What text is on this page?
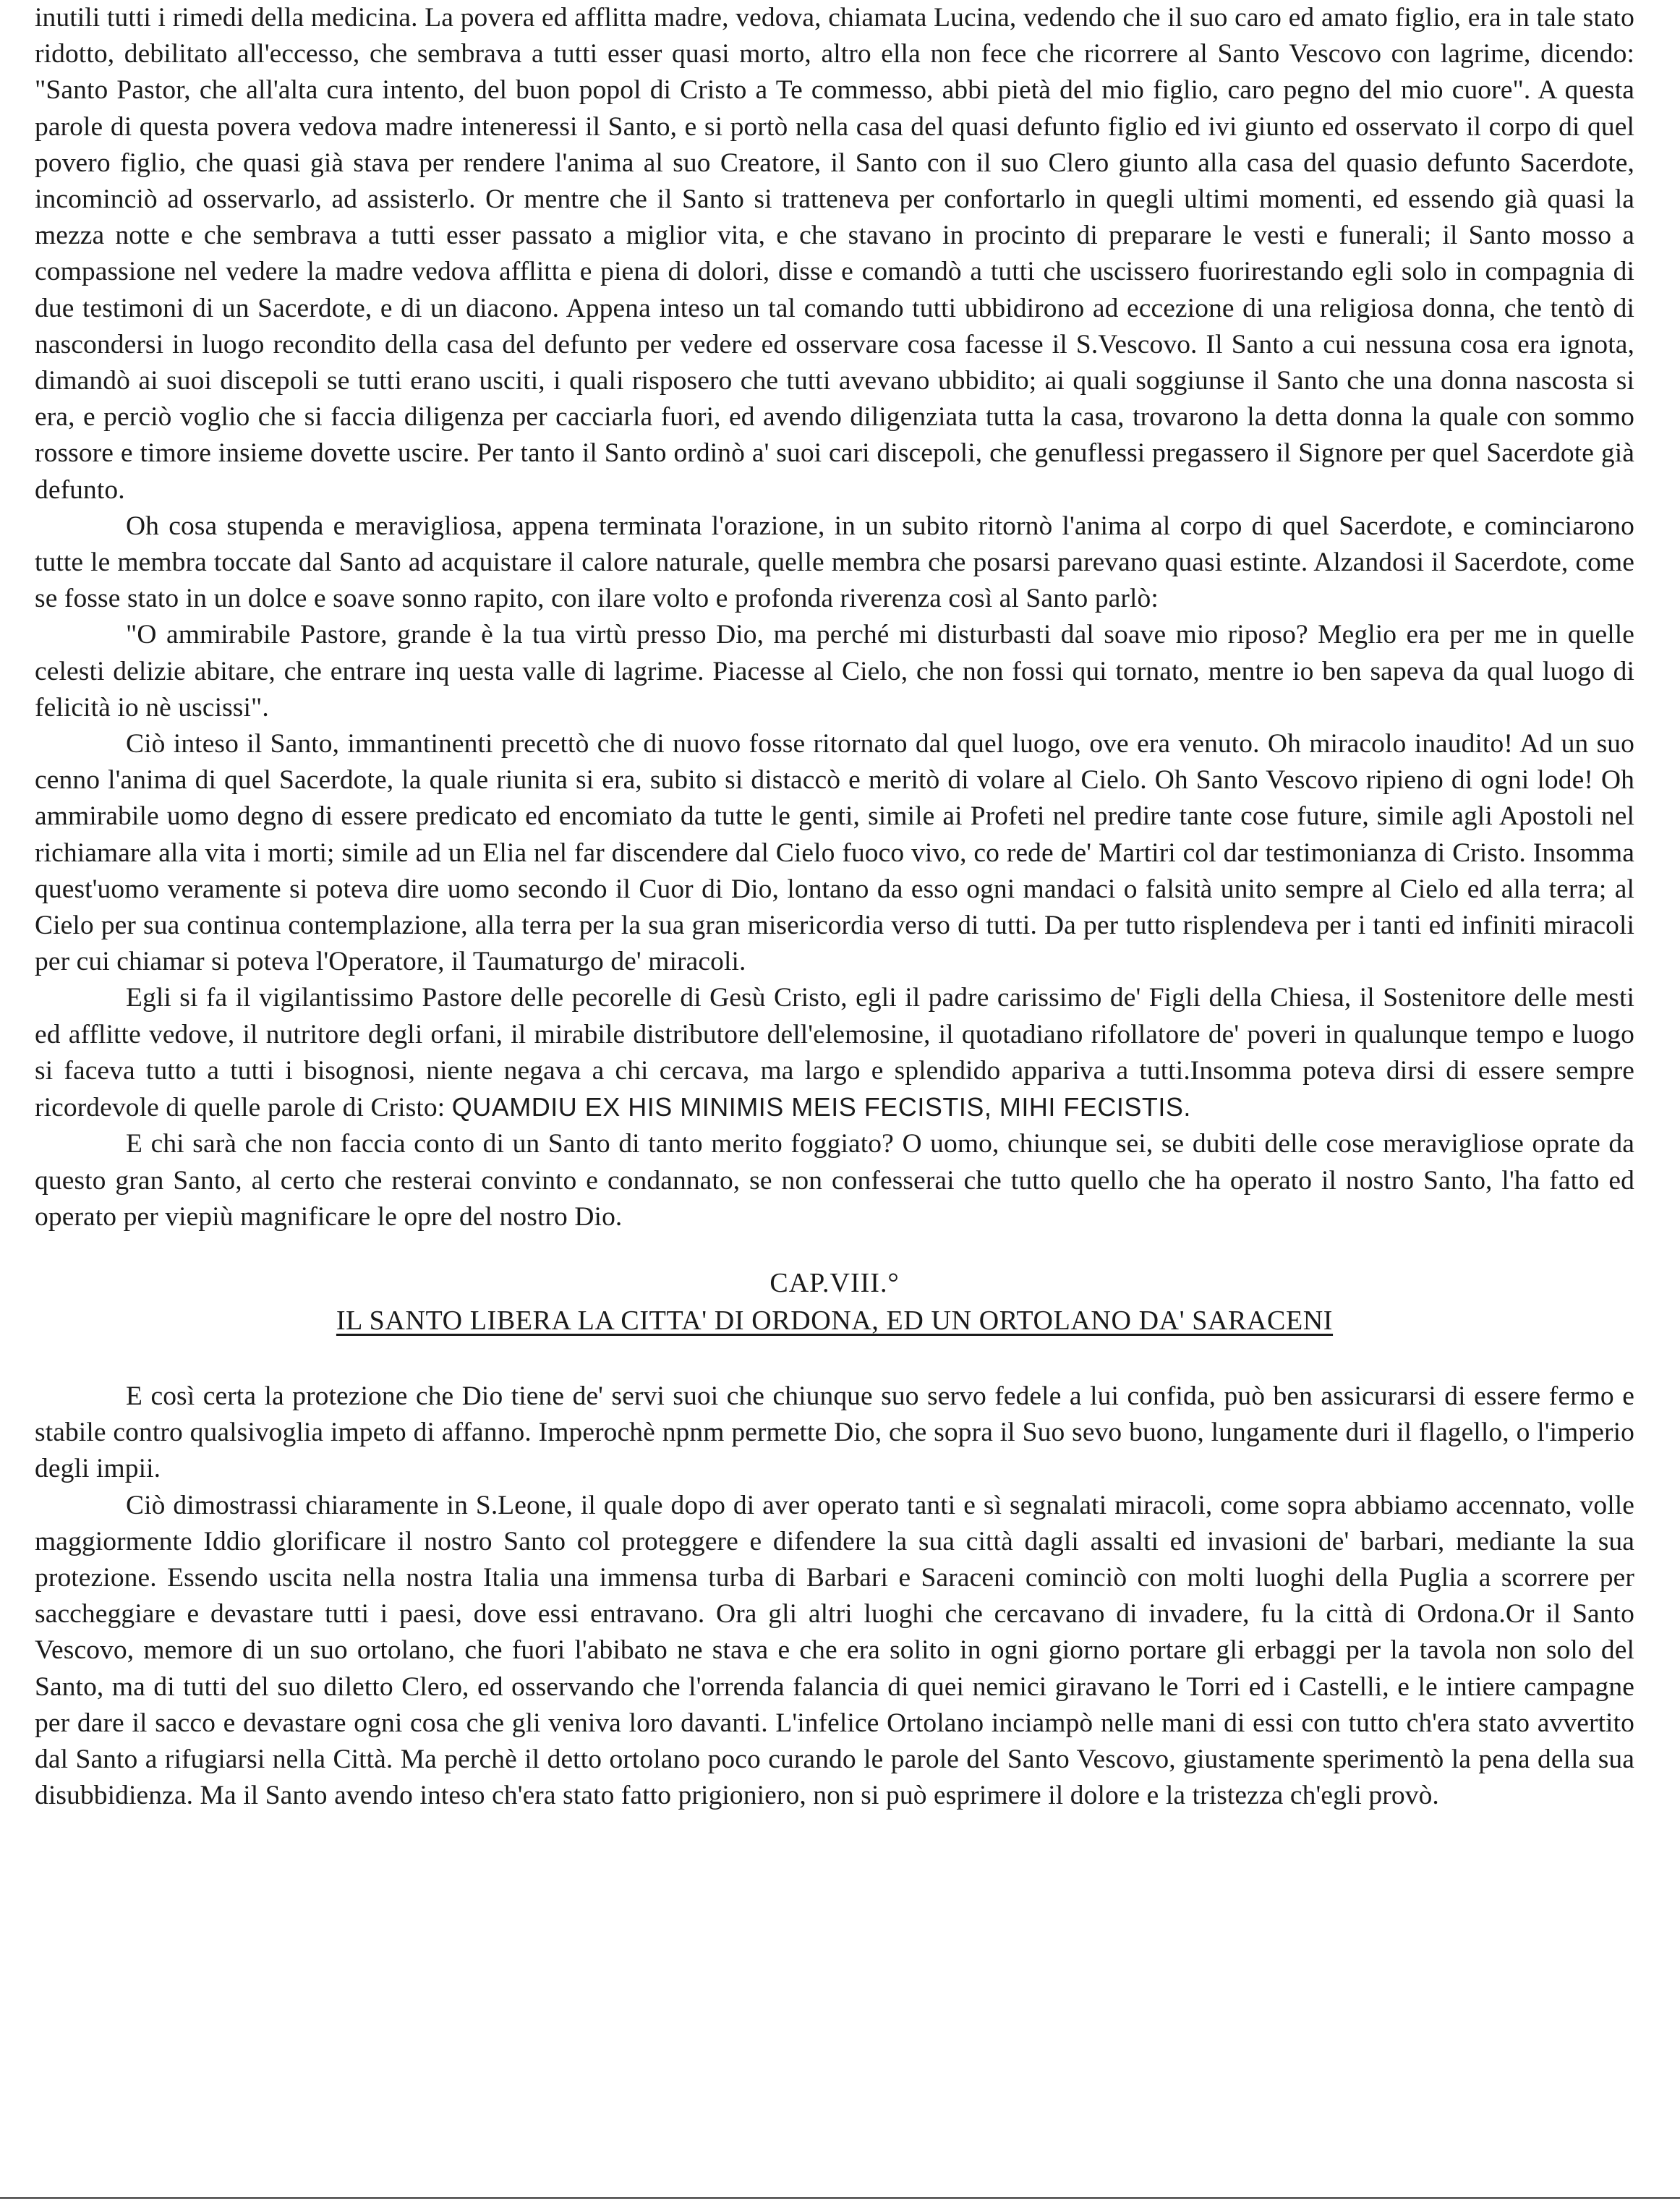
inutili tutti i rimedi della medicina. La povera ed afflitta madre, vedova, chiamata Lucina, vedendo che il suo caro ed amato figlio, era in tale stato ridotto, debilitato all'eccesso, che sembrava a tutti esser quasi morto, altro ella non fece che ricorrere al Santo Vescovo con lagrime, dicendo: "Santo Pastor, che all'alta cura intento, del buon popol di Cristo a Te commesso, abbi pietà del mio figlio, caro pegno del mio cuore". A questa parole di questa povera vedova madre inteneressi il Santo, e si portò nella casa del quasi defunto figlio ed ivi giunto ed osservato il corpo di quel povero figlio, che quasi già stava per rendere l'anima al suo Creatore, il Santo con il suo Clero giunto alla casa del quasio defunto Sacerdote, incominciò ad osservarlo, ad assisterlo. Or mentre che il Santo si tratteneva per confortarlo in quegli ultimi momenti, ed essendo già quasi la mezza notte e che sembrava a tutti esser passato a miglior vita, e che stavano in procinto di preparare le vesti e funerali; il Santo mosso a compassione nel vedere la madre vedova afflitta e piena di dolori, disse e comandò a tutti che uscissero fuorirestando egli solo in compagnia di due testimoni di un Sacerdote, e di un diacono. Appena inteso un tal comando tutti ubbidirono ad eccezione di una religiosa donna, che tentò di nascondersi in luogo recondito della casa del defunto per vedere ed osservare cosa facesse il S.Vescovo. Il Santo a cui nessuna cosa era ignota, dimandò ai suoi discepoli se tutti erano usciti, i quali risposero che tutti avevano ubbidito; ai quali soggiunse il Santo che una donna nascosta si era, e perciò voglio che si faccia diligenza per cacciarla fuori, ed avendo diligenziata tutta la casa, trovarono la detta donna la quale con sommo rossore e timore insieme dovette uscire. Per tanto il Santo ordinò a' suoi cari discepoli, che genuflessi pregassero il Signore per quel Sacerdote già defunto.

Oh cosa stupenda e meravigliosa, appena terminata l'orazione, in un subito ritornò l'anima al corpo di quel Sacerdote, e cominciarono tutte le membra toccate dal Santo ad acquistare il calore naturale, quelle membra che posarsi parevano quasi estinte. Alzandosi il Sacerdote, come se fosse stato in un dolce e soave sonno rapito, con ilare volto e profonda riverenza così al Santo parlò:

"O ammirabile Pastore, grande è la tua virtù presso Dio, ma perché mi disturbasti dal soave mio riposo? Meglio era per me in quelle celesti delizie abitare, che entrare inq uesta valle di lagrime. Piacesse al Cielo, che non fossi qui tornato, mentre io ben sapeva da qual luogo di felicità io nè uscissi".

Ciò inteso il Santo, immantinenti precettò che di nuovo fosse ritornato dal quel luogo, ove era venuto. Oh miracolo inaudito! Ad un suo cenno l'anima di quel Sacerdote, la quale riunita si era, subito si distaccò e meritò di volare al Cielo. Oh Santo Vescovo ripieno di ogni lode! Oh ammirabile uomo degno di essere predicato ed encomiato da tutte le genti, simile ai Profeti nel predire tante cose future, simile agli Apostoli nel richiamare alla vita i morti; simile ad un Elia nel far discendere dal Cielo fuoco vivo, co rede de' Martiri col dar testimonianza di Cristo. Insomma quest'uomo veramente si poteva dire uomo secondo il Cuor di Dio, lontano da esso ogni mandaci o falsità unito sempre al Cielo ed alla terra; al Cielo per sua continua contemplazione, alla terra per la sua gran misericordia verso di tutti. Da per tutto risplendeva per i tanti ed infiniti miracoli per cui chiamar si poteva l'Operatore, il Taumaturgo de' miracoli.

Egli si fa il vigilantissimo Pastore delle pecorelle di Gesù Cristo, egli il padre carissimo de' Figli della Chiesa, il Sostenitore delle mesti ed afflitte vedove, il nutritore degli orfani, il mirabile distributore dell'elemosine, il quotadiano rifollatore de' poveri in qualunque tempo e luogo si faceva tutto a tutti i bisognosi, niente negava a chi cercava, ma largo e splendido appariva a tutti.Insomma poteva dirsi di essere sempre ricordevole di quelle parole di Cristo: QUAMDIU EX HIS MINIMIS MEIS FECISTIS, MIHI FECISTIS.

E chi sarà che non faccia conto di un Santo di tanto merito foggiato? O uomo, chiunque sei, se dubiti delle cose meravigliose oprate da questo gran Santo, al certo che resterai convinto e condannato, se non confesserai che tutto quello che ha operato il nostro Santo, l'ha fatto ed operato per viepiù magnificare le opre del nostro Dio.

CAP.VIII.°

IL SANTO LIBERA LA CITTA' DI ORDONA, ED UN ORTOLANO DA' SARACENI

E così certa la protezione che Dio tiene de' servi suoi che chiunque suo servo fedele a lui confida, può ben assicurarsi di essere fermo e stabile contro qualsivoglia impeto di affanno. Imperochè npnm permette Dio, che sopra il Suo sevo buono, lungamente duri il flagello, o l'imperio degli impii.

Ciò dimostrassi chiaramente in S.Leone, il quale dopo di aver operato tanti e sì segnalati miracoli, come sopra abbiamo accennato, volle maggiormente Iddio glorificare il nostro Santo col proteggere e difendere la sua città dagli assalti ed invasioni de' barbari, mediante la sua protezione. Essendo uscita nella nostra Italia una immensa turba di Barbari e Saraceni cominciò con molti luoghi della Puglia a scorrere per saccheggiare e devastare tutti i paesi, dove essi entravano. Ora gli altri luoghi che cercavano di invadere, fu la città di Ordona.Or il Santo Vescovo, memore di un suo ortolano, che fuori l'abibato ne stava e che era solito in ogni giorno portare gli erbaggi per la tavola non solo del Santo, ma di tutti del suo diletto Clero, ed osservando che l'orrenda falancia di quei nemici giravano le Torri ed i Castelli, e le intiere campagne per dare il sacco e devastare ogni cosa che gli veniva loro davanti. L'infelice Ortolano inciampò nelle mani di essi con tutto ch'era stato avvertito dal Santo a rifugiarsi nella Città. Ma perchè il detto ortolano poco curando le parole del Santo Vescovo, giustamente sperimentò la pena della sua disubbidienza. Ma il Santo avendo inteso ch'era stato fatto prigioniero, non si può esprimere il dolore e la tristezza ch'egli provò.
